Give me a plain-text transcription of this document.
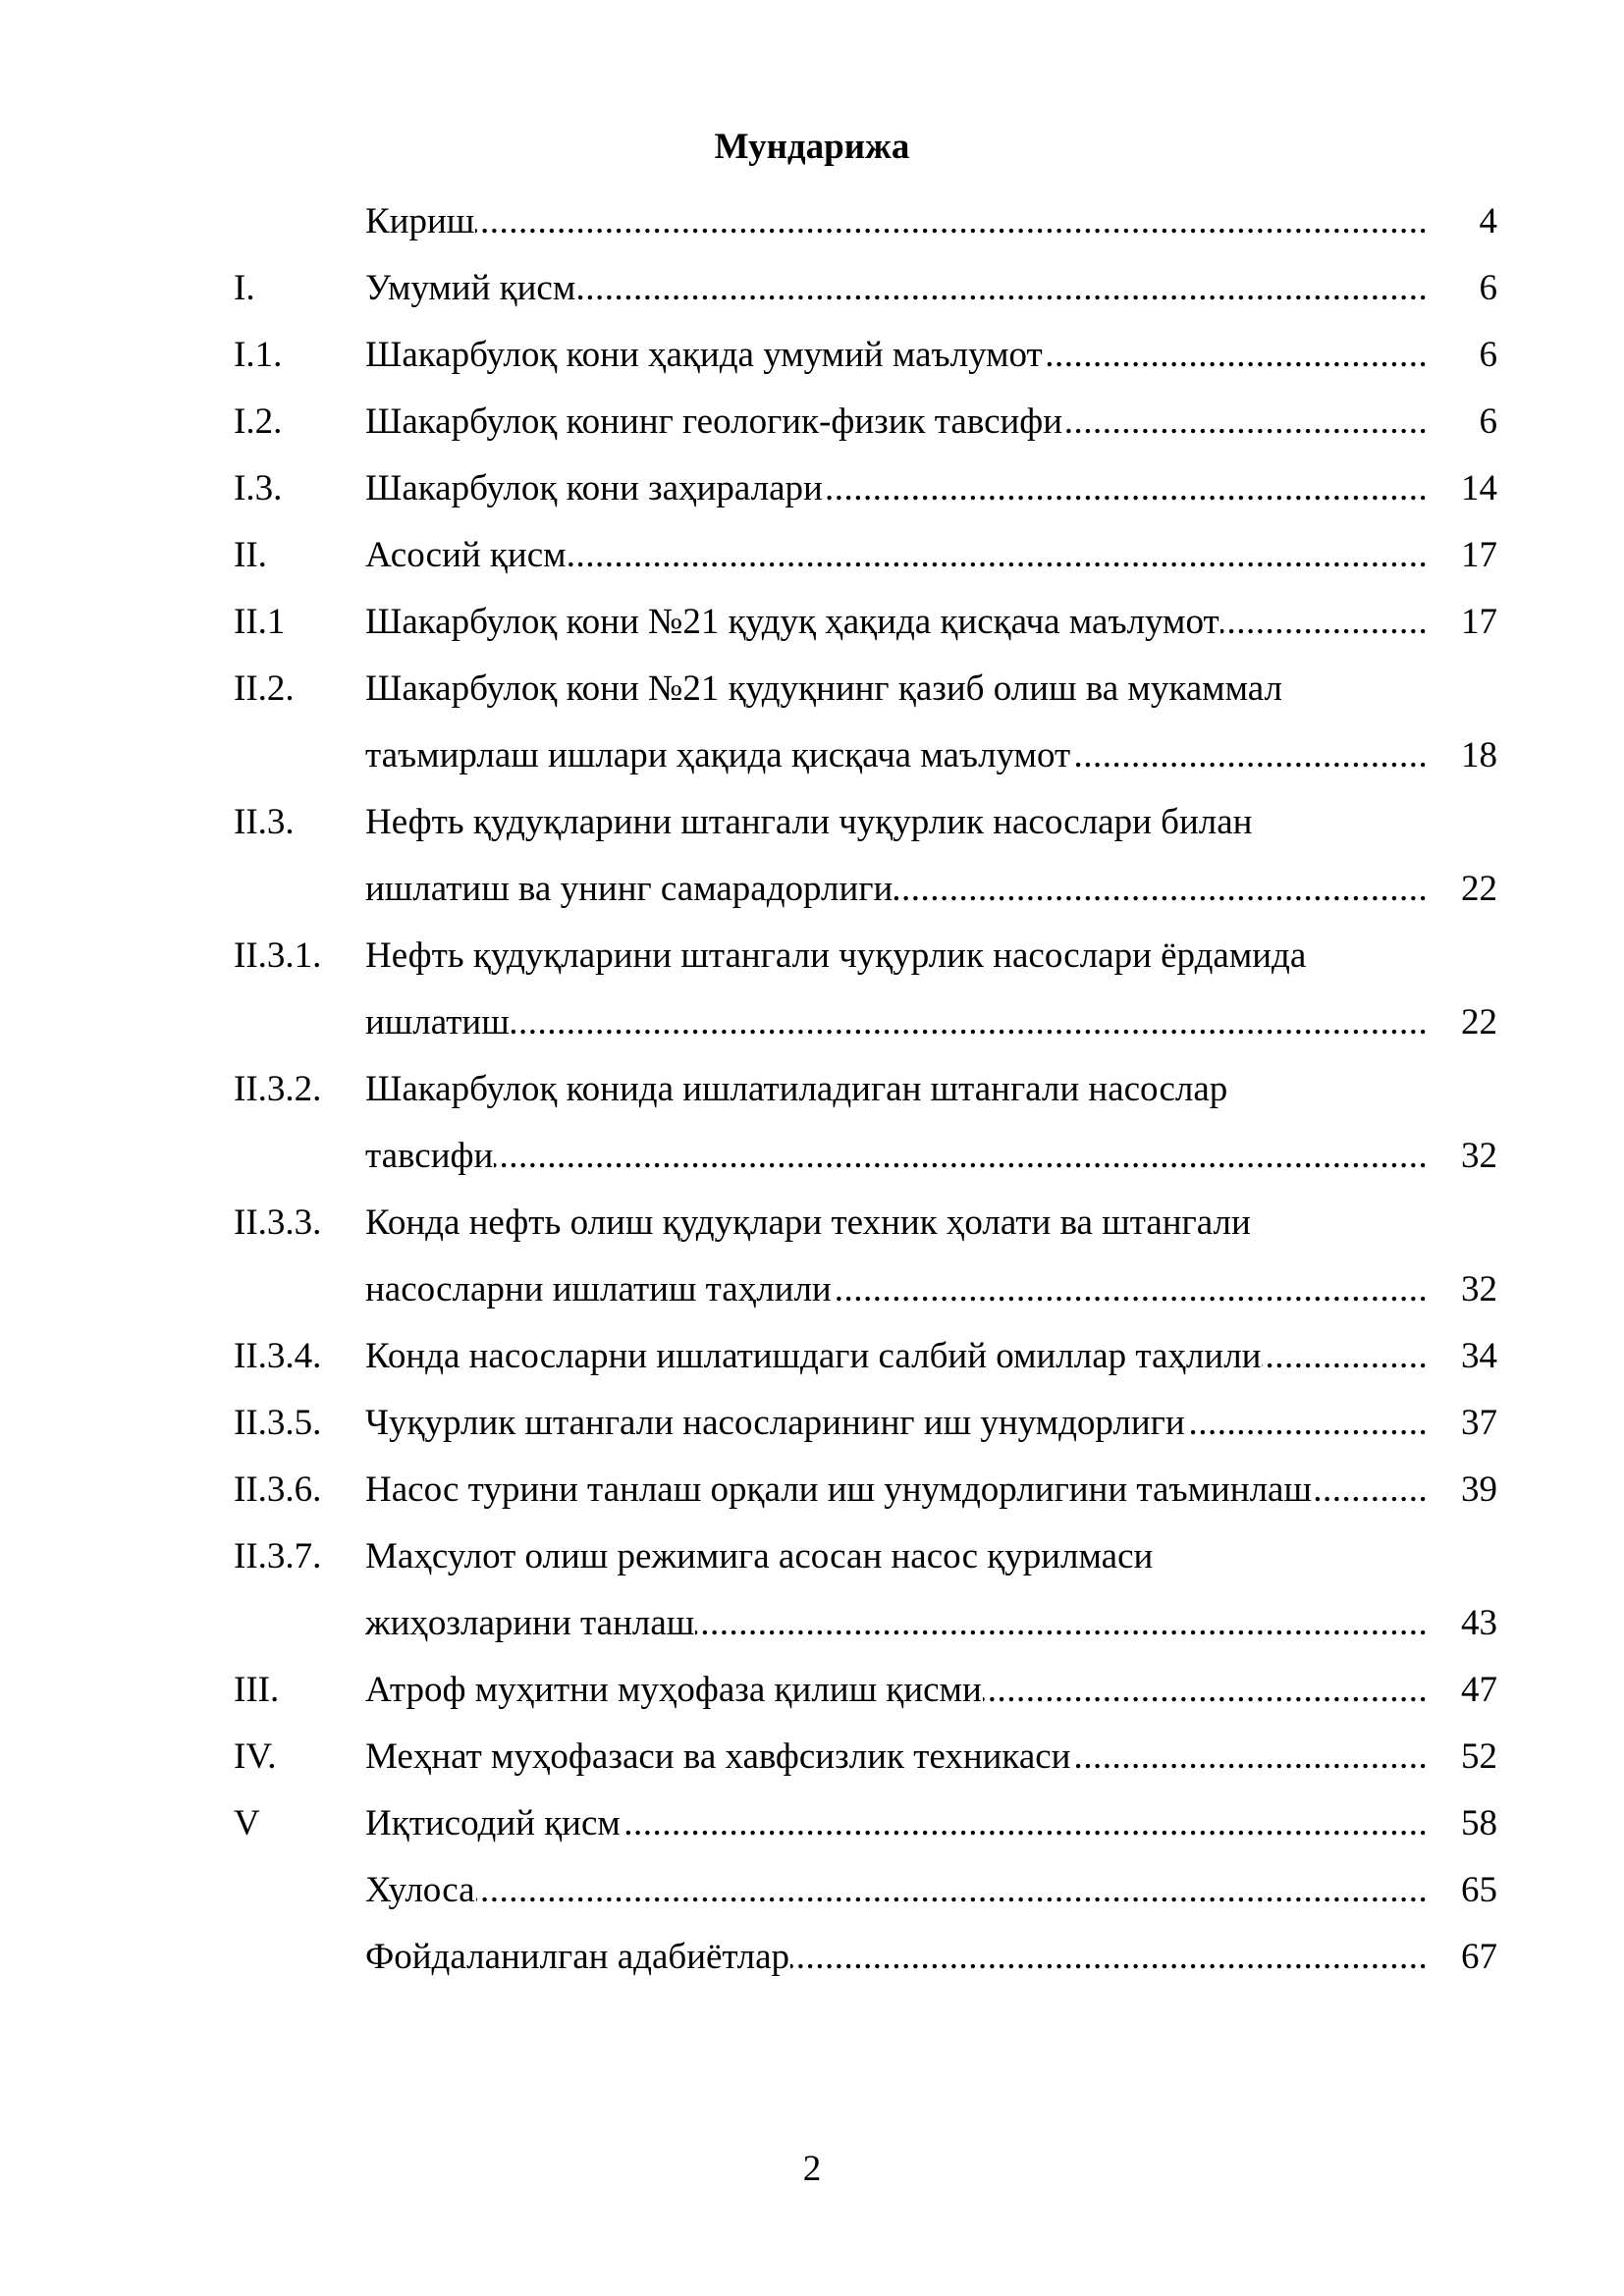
Мундарижа
Кириш .....	4
I.	Умумий қисм .....	6
I.1. Шакарбулоқ кони ҳақида умумий маълумот .....	6
I.2. Шакарбулоқ конинг геологик-физик тавсифи .....	6
I.3. Шакарбулоқ кони заҳиралари .....	14
II.	Асосий қисм .....	17
II.1 Шакарбулоқ кони №21 қудуқ ҳақида қисқача маълумот .....	17
II.2. Шакарбулоқ кони №21 қудуқнинг қазиб олиш ва мукаммал
таъмирлаш ишлари ҳақида қисқача маълумот .....	18
II.3. Нефть қудуқларини штангали чуқурлик насослари билан
ишлатиш ва унинг самарадорлиги .....	22
II.3.1. Нефть қудуқларини штангали чуқурлик насослари ёрдамида
ишлатиш .....	22
II.3.2. Шакарбулоқ конида ишлатиладиган штангали насослар
тавсифи .....	32
II.3.3. Конда нефть олиш қудуқлари техник ҳолати ва штангали
насосларни ишлатиш таҳлили .....	32
II.3.4. Конда насосларни ишлатишдаги салбий омиллар таҳлили .....	34
II.3.5. Чуқурлик штангали насосларининг иш унумдорлиги .....	37
II.3.6. Насос турини танлаш орқали иш унумдорлигини таъминлаш .....	39
II.3.7. Маҳсулот олиш режимига асосан насос қурилмаси
жиҳозларини танлаш .....	43
III. Атроф муҳитни муҳофаза қилиш қисми .....	47
IV. Меҳнат муҳофазаси ва хавфсизлик техникаси .....	52
V	Иқтисодий қисм .....	58
Хулоса .....	65
Фойдаланилган адабиётлар .....	67
2
